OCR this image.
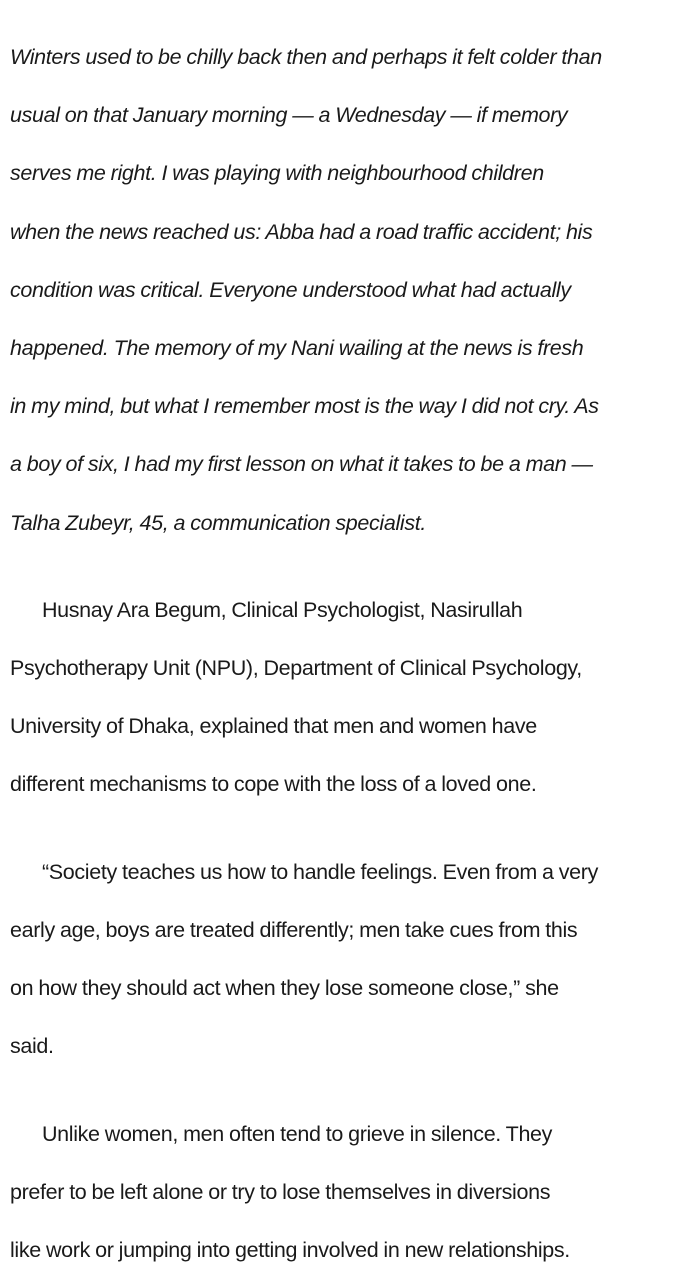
Winters used to be chilly back then and perhaps it felt colder than

usual on that January morning — a Wednesday — if memory

serves me right. I was playing with neighbourhood children

when the news reached us: Abba had a road traffic accident; his

condition was critical. Everyone understood what had actually

happened. The memory of my Nani wailing at the news is fresh

in my mind, but what I remember most is the way I did not cry. As

a boy of six, I had my first lesson on what it takes to be a man —

Talha Zubeyr, 45, a communication specialist.

Husnay Ara Begum, Clinical Psychologist, Nasirullah

Psychotherapy Unit (NPU), Department of Clinical Psychology,

University of Dhaka, explained that men and women have

different mechanisms to cope with the loss of a loved one.

“Society teaches us how to handle feelings. Even from a very

early age, boys are treated differently; men take cues from this

on how they should act when they lose someone close,” she

said.

Unlike women, men often tend to grieve in silence. They

prefer to be left alone or try to lose themselves in diversions

like work or jumping into getting involved in new relationships.
